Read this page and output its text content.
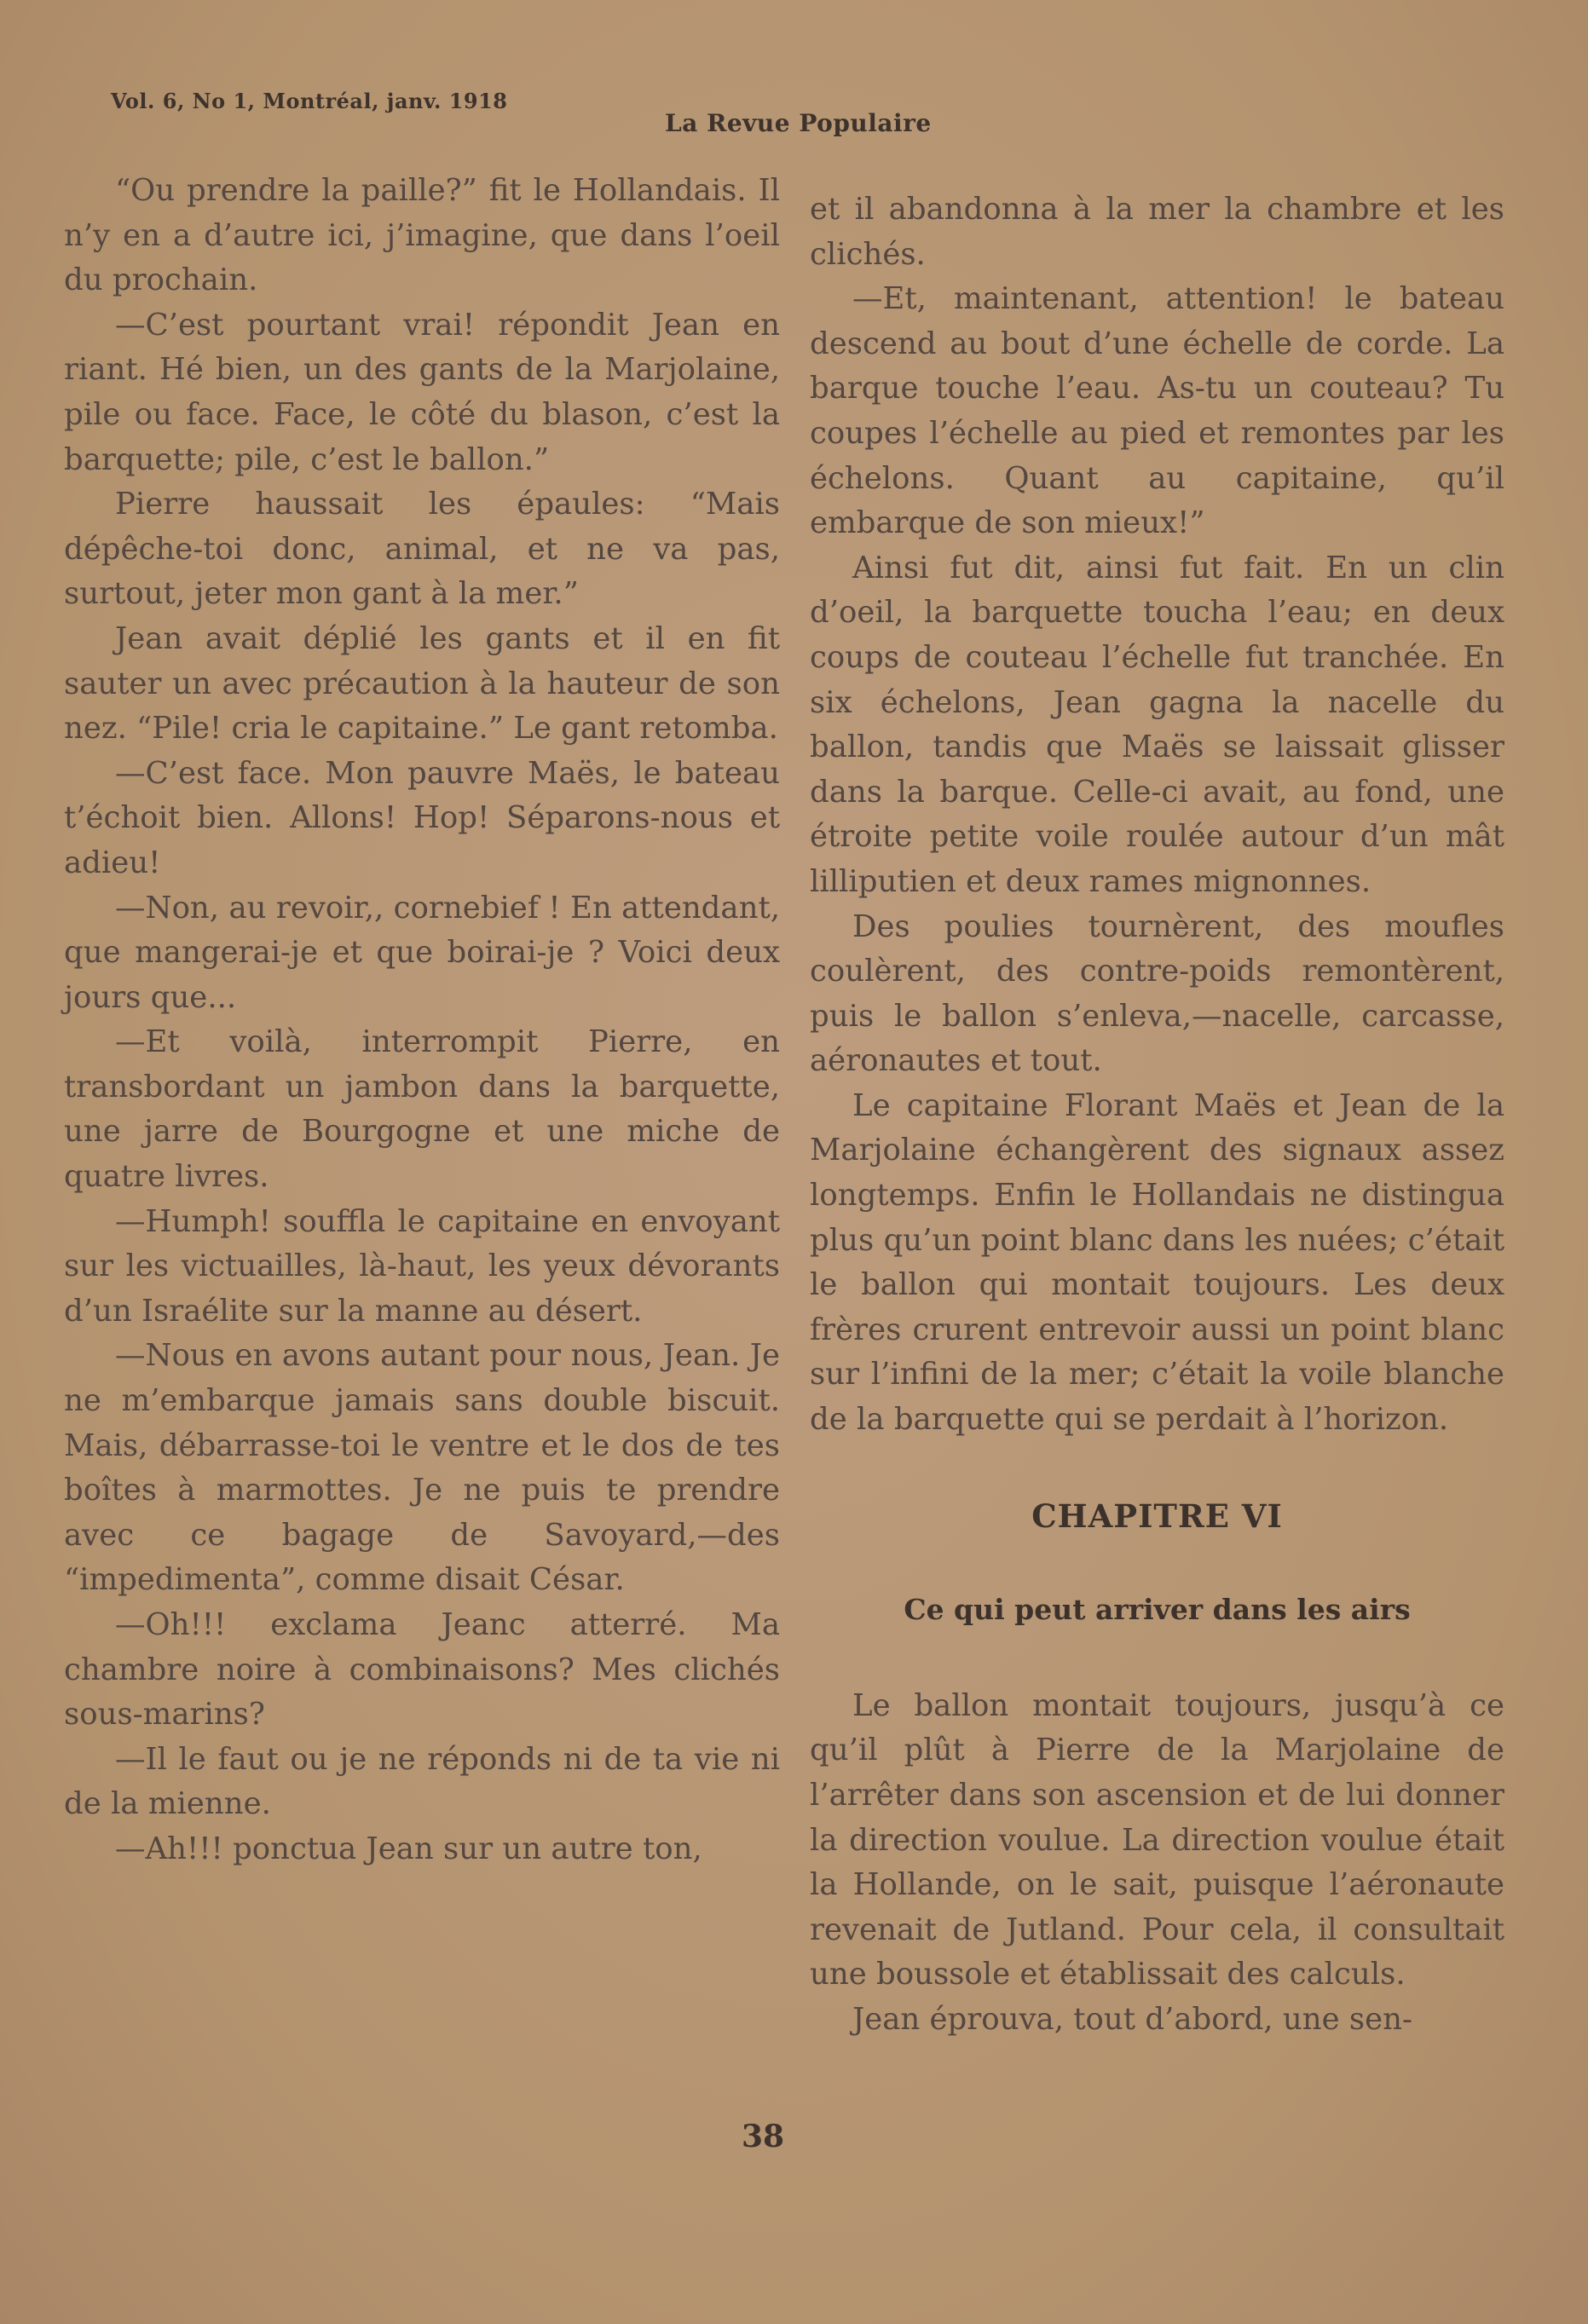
Vol. 6, No 1, Montréal, janv. 1918
La Revue Populaire

“Ou prendre la paille?” fit le Hollandais. Il n’y en a d’autre ici, j’imagine, que dans l’oeil du prochain.

—C’est pourtant vrai! répondit Jean en riant. Hé bien, un des gants de la Marjolaine, pile ou face. Face, le côté du blason, c’est la barquette; pile, c’est le ballon.”

Pierre haussait les épaules: “Mais dépêche-toi donc, animal, et ne va pas, surtout, jeter mon gant à la mer.”

Jean avait déplié les gants et il en fit sauter un avec précaution à la hauteur de son nez. “Pile! cria le capitaine.” Le gant retomba.

—C’est face. Mon pauvre Maës, le bateau t’échoit bien. Allons! Hop! Séparons-nous et adieu!

—Non, au revoir,, cornebief ! En attendant, que mangerai-je et que boirai-je ? Voici deux jours que...

—Et voilà, interrompit Pierre, en transbordant un jambon dans la barquette, une jarre de Bourgogne et une miche de quatre livres.

—Humph! souffla le capitaine en envoyant sur les victuailles, là-haut, les yeux dévorants d’un Israélite sur la manne au désert.

—Nous en avons autant pour nous, Jean. Je ne m’embarque jamais sans double biscuit. Mais, débarrasse-toi le ventre et le dos de tes boîtes à marmottes. Je ne puis te prendre avec ce bagage de Savoyard,—des “impedimenta”, comme disait César.

—Oh!!! exclama Jeanc atterré. Ma chambre noire à combinaisons? Mes clichés sous-marins?

—Il le faut ou je ne réponds ni de ta vie ni de la mienne.

—Ah!!! ponctua Jean sur un autre ton,

et il abandonna à la mer la chambre et les clichés.

—Et, maintenant, attention! le bateau descend au bout d’une échelle de corde. La barque touche l’eau. As-tu un couteau? Tu coupes l’échelle au pied et remontes par les échelons. Quant au capitaine, qu’il embarque de son mieux!”

Ainsi fut dit, ainsi fut fait. En un clin d’oeil, la barquette toucha l’eau; en deux coups de couteau l’échelle fut tranchée. En six échelons, Jean gagna la nacelle du ballon, tandis que Maës se laissait glisser dans la barque. Celle-ci avait, au fond, une étroite petite voile roulée autour d’un mât lilliputien et deux rames mignonnes.

Des poulies tournèrent, des moufles coulèrent, des contre-poids remontèrent, puis le ballon s’enleva,—nacelle, carcasse, aéronautes et tout.

Le capitaine Florant Maës et Jean de la Marjolaine échangèrent des signaux assez longtemps. Enfin le Hollandais ne distingua plus qu’un point blanc dans les nuées; c’était le ballon qui montait toujours. Les deux frères crurent entrevoir aussi un point blanc sur l’infini de la mer; c’était la voile blanche de la barquette qui se perdait à l’horizon.

CHAPITRE VI
Ce qui peut arriver dans les airs

Le ballon montait toujours, jusqu’à ce qu’il plût à Pierre de la Marjolaine de l’arrêter dans son ascension et de lui donner la direction voulue. La direction voulue était la Hollande, on le sait, puisque l’aéronaute revenait de Jutland. Pour cela, il consultait une boussole et établissait des calculs.

Jean éprouva, tout d’abord, une sen-

38
